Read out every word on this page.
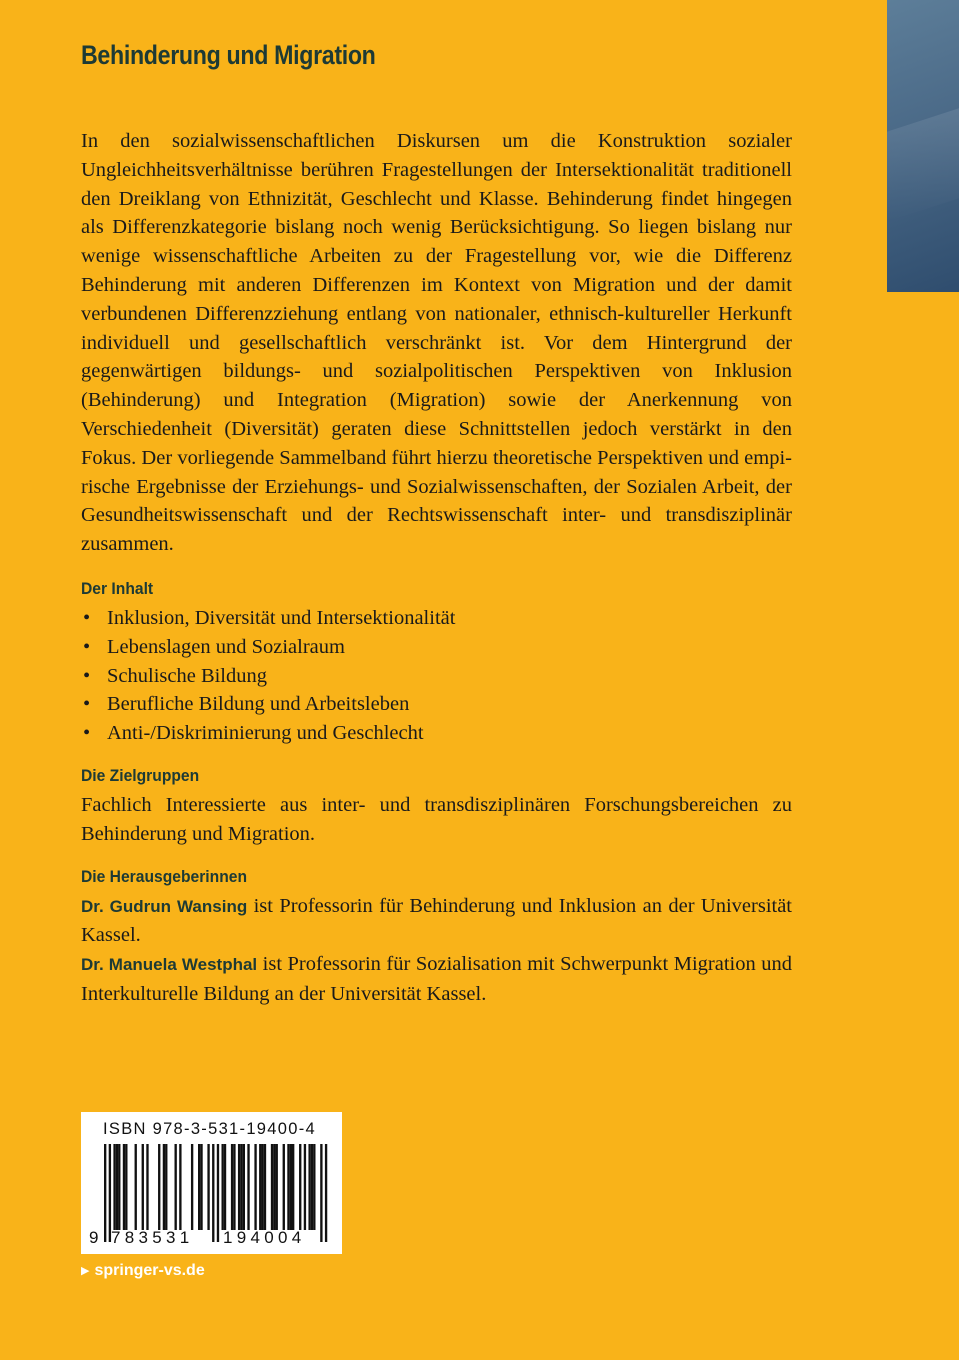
Behinderung und Migration

In den sozialwissenschaftlichen Diskursen um die Konstruktion sozialer Ungleichheitsverhältnisse berühren Fragestellungen der Intersektionalität traditionell den Dreiklang von Ethnizität, Geschlecht und Klasse. Behinderung findet hingegen als Differenzkategorie bislang noch wenig Berücksichtigung. So liegen bislang nur wenige wissenschaftliche Arbeiten zu der Fragestellung vor, wie die Differenz Behinderung mit anderen Differenzen im Kontext von Migration und der damit verbundenen Differenzziehung entlang von nationaler, ethnisch-kultureller Herkunft individuell und gesellschaftlich verschränkt ist. Vor dem Hintergrund der gegenwärtigen bildungs- und sozialpolitischen Perspektiven von Inklusion (Behinderung) und Integration (Migration) sowie der Anerkennung von Verschiedenheit (Diversität) geraten diese Schnittstellen jedoch verstärkt in den Fokus. Der vorliegende Sammelband führt hierzu theoretische Perspektiven und empirische Ergebnisse der Erziehungs- und Sozialwissenschaften, der Sozialen Arbeit, der Gesundheitswissenschaft und der Rechtswissenschaft inter- und transdisziplinär zusammen.

Der Inhalt
• Inklusion, Diversität und Intersektionalität
• Lebenslagen und Sozialraum
• Schulische Bildung
• Berufliche Bildung und Arbeitsleben
• Anti-/Diskriminierung und Geschlecht
Die Zielgruppen

Fachlich Interessierte aus inter- und transdisziplinären Forschungsbereichen zu Behinderung und Migration.

Die Herausgeberinnen

Dr. Gudrun Wansing ist Professorin für Behinderung und Inklusion an der Universität Kassel.

Dr. Manuela Westphal ist Professorin für Sozialisation mit Schwerpunkt Migration und Interkulturelle Bildung an der Universität Kassel.

ISBN 978-3-531-19400-4
9 783531 194004
▶ springer-vs.de
